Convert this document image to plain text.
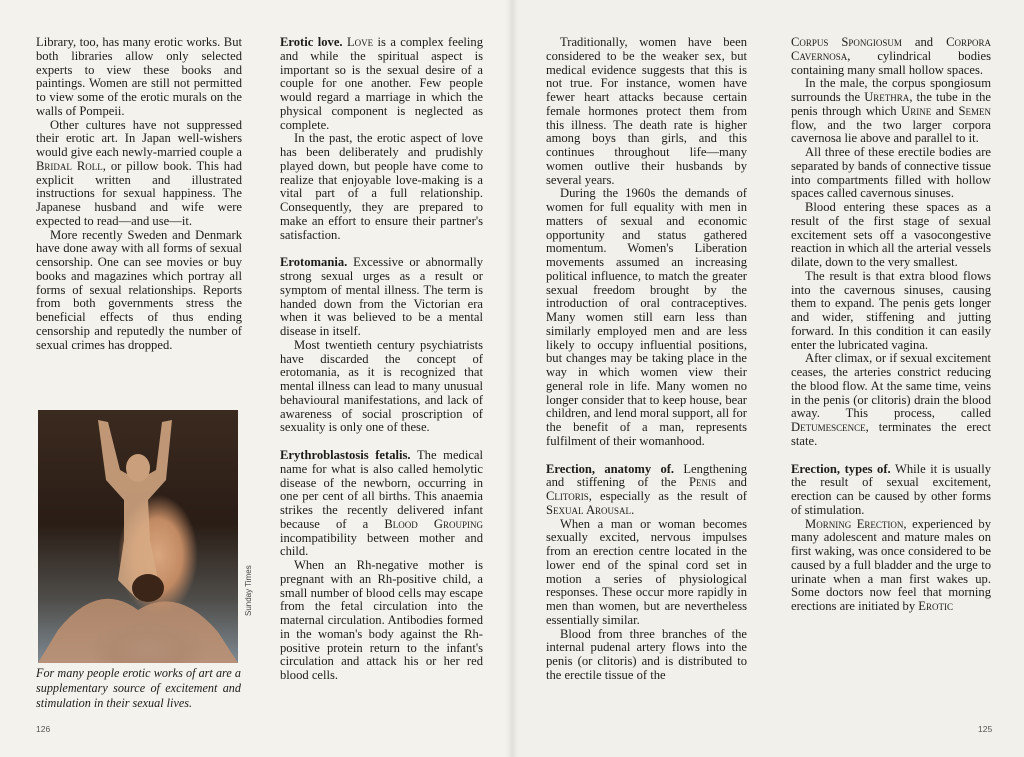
Library, too, has many erotic works. But both libraries allow only selected experts to view these books and paintings. Women are still not permitted to view some of the erotic murals on the walls of Pompeii.

Other cultures have not suppressed their erotic art. In Japan well-wishers would give each newly-married couple a Bridal Roll, or pillow book. This had explicit written and illustrated instructions for sexual happiness. The Japanese husband and wife were expected to read—and use—it.

More recently Sweden and Denmark have done away with all forms of sexual censorship. One can see movies or buy books and magazines which portray all forms of sexual relationships. Reports from both governments stress the beneficial effects of thus ending censorship and reputedly the number of sexual crimes has dropped.

Sunday Times
For many people erotic works of art are a supplementary source of excitement and stimulation in their sexual lives.

Erotic love. Love is a complex feeling and while the spiritual aspect is important so is the sexual desire of a couple for one another. Few people would regard a marriage in which the physical component is neglected as complete.

In the past, the erotic aspect of love has been deliberately and prudishly played down, but people have come to realize that enjoyable love-making is a vital part of a full relationship. Consequently, they are prepared to make an effort to ensure their partner's satisfaction.

Erotomania. Excessive or abnormally strong sexual urges as a result or symptom of mental illness. The term is handed down from the Victorian era when it was believed to be a mental disease in itself.

Most twentieth century psychiatrists have discarded the concept of erotomania, as it is recognized that mental illness can lead to many unusual behavioural manifestations, and lack of awareness of social proscription of sexuality is only one of these.

Erythroblastosis fetalis. The medical name for what is also called hemolytic disease of the newborn, occurring in one per cent of all births. This anaemia strikes the recently delivered infant because of a Blood Grouping incompatibility between mother and child.

When an Rh-negative mother is pregnant with an Rh-positive child, a small number of blood cells may escape from the fetal circulation into the maternal circulation. Antibodies formed in the woman's body against the Rh-positive protein return to the infant's circulation and attack his or her red blood cells.

126

Traditionally, women have been considered to be the weaker sex, but medical evidence suggests that this is not true. For instance, women have fewer heart attacks because certain female hormones protect them from this illness. The death rate is higher among boys than girls, and this continues throughout life—many women outlive their husbands by several years.

During the 1960s the demands of women for full equality with men in matters of sexual and economic opportunity and status gathered momentum. Women's Liberation movements assumed an increasing political influence, to match the greater sexual freedom brought by the introduction of oral contraceptives. Many women still earn less than similarly employed men and are less likely to occupy influential positions, but changes may be taking place in the way in which women view their general role in life. Many women no longer consider that to keep house, bear children, and lend moral support, all for the benefit of a man, represents fulfilment of their womanhood.

Erection, anatomy of. Lengthening and stiffening of the Penis and Clitoris, especially as the result of Sexual Arousal.

When a man or woman becomes sexually excited, nervous impulses from an erection centre located in the lower end of the spinal cord set in motion a series of physiological responses. These occur more rapidly in men than women, but are nevertheless essentially similar.

Blood from three branches of the internal pudenal artery flows into the penis (or clitoris) and is distributed to the erectile tissue of the

Corpus Spongiosum and Corpora Cavernosa, cylindrical bodies containing many small hollow spaces.

In the male, the corpus spongiosum surrounds the Urethra, the tube in the penis through which Urine and Semen flow, and the two larger corpora cavernosa lie above and parallel to it.

All three of these erectile bodies are separated by bands of connective tissue into compartments filled with hollow spaces called cavernous sinuses.

Blood entering these spaces as a result of the first stage of sexual excitement sets off a vasocongestive reaction in which all the arterial vessels dilate, down to the very smallest.

The result is that extra blood flows into the cavernous sinuses, causing them to expand. The penis gets longer and wider, stiffening and jutting forward. In this condition it can easily enter the lubricated vagina.

After climax, or if sexual excitement ceases, the arteries constrict reducing the blood flow. At the same time, veins in the penis (or clitoris) drain the blood away. This process, called Detumescence, terminates the erect state.

Erection, types of. While it is usually the result of sexual excitement, erection can be caused by other forms of stimulation.

Morning Erection, experienced by many adolescent and mature males on first waking, was once considered to be caused by a full bladder and the urge to urinate when a man first wakes up. Some doctors now feel that morning erections are initiated by Erotic

125
